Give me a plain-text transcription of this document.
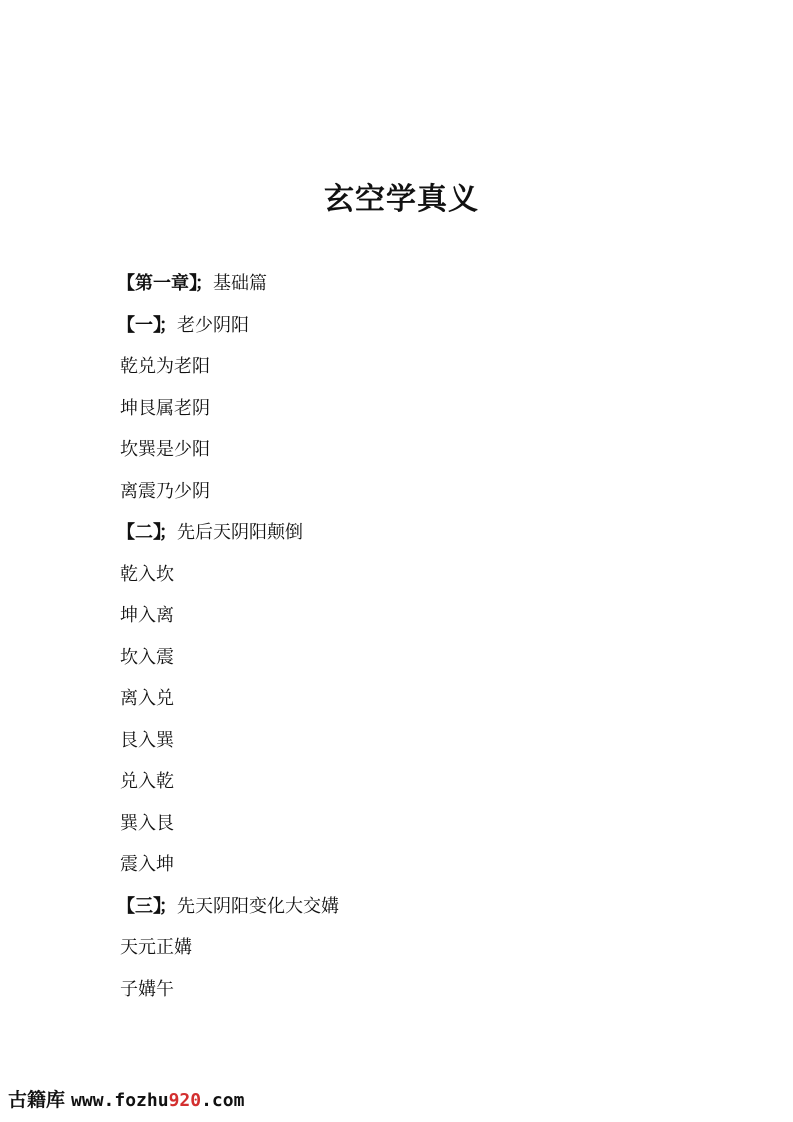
玄空学真义
【第一章】；基础篇
【一】；老少阴阳
乾兑为老阳
坤艮属老阴
坎巽是少阳
离震乃少阴
【二】；先后天阴阳颠倒
乾入坎
坤入离
坎入震
离入兑
艮入巽
兑入乾
巽入艮
震入坤
【三】；先天阴阳变化大交媾
天元正媾
子媾午
古籍库 www.fozhu920.com
